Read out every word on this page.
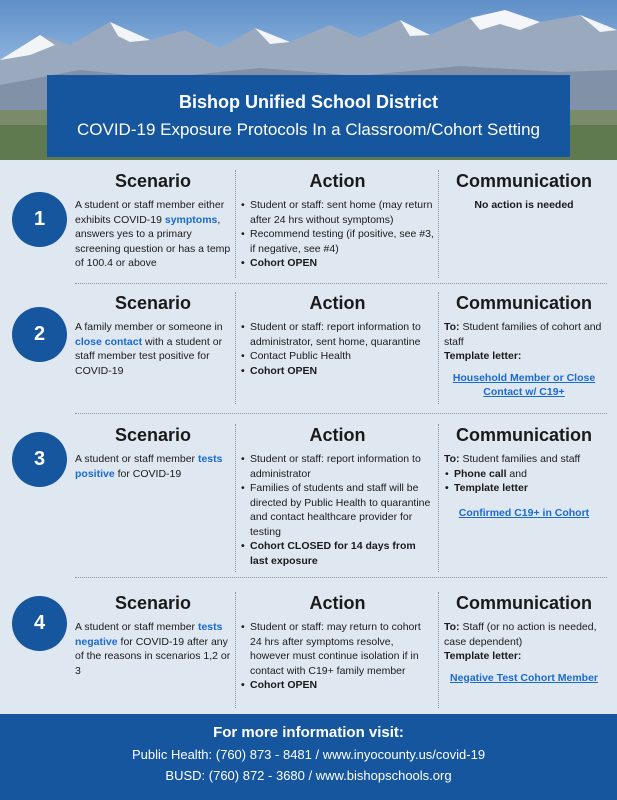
Bishop Unified School District
COVID-19 Exposure Protocols In a Classroom/Cohort Setting
1
Scenario

A student or staff member either exhibits COVID-19 symptoms, answers yes to a primary screening question or has a temp of 100.4 or above

Action
• Student or staff: sent home (may return after 24 hrs without symptoms)
• Recommend testing (if positive, see #3, if negative, see #4)
• Cohort OPEN
Communication

No action is needed

2
Scenario

A family member or someone in close contact with a student or staff member test positive for COVID-19

Action
• Student or staff: report information to administrator, sent home, quarantine
• Contact Public Health
• Cohort OPEN
Communication

To: Student families of cohort and staff

Template letter:

Household Member or Close Contact w/ C19+
3
Scenario

A student or staff member tests positive for COVID-19

Action
• Student or staff: report information to administrator
• Families of students and staff will be directed by Public Health to quarantine and contact healthcare provider for testing
• Cohort CLOSED for 14 days from last exposure
Communication

To: Student families and staff

• Phone call and
• Template letter
Confirmed C19+ in Cohort
4
Scenario

A student or staff member tests negative for COVID-19 after any of the reasons in scenarios 1,2 or 3

Action
• Student or staff: may return to cohort 24 hrs after symptoms resolve, however must continue isolation if in contact with C19+ family member
• Cohort OPEN
Communication

To: Staff (or no action is needed, case dependent)

Template letter:

Negative Test Cohort Member
For more information visit:
Public Health: (760) 873 - 8481 / www.inyocounty.us/covid-19
BUSD: (760) 872 - 3680 / www.bishopschools.org
